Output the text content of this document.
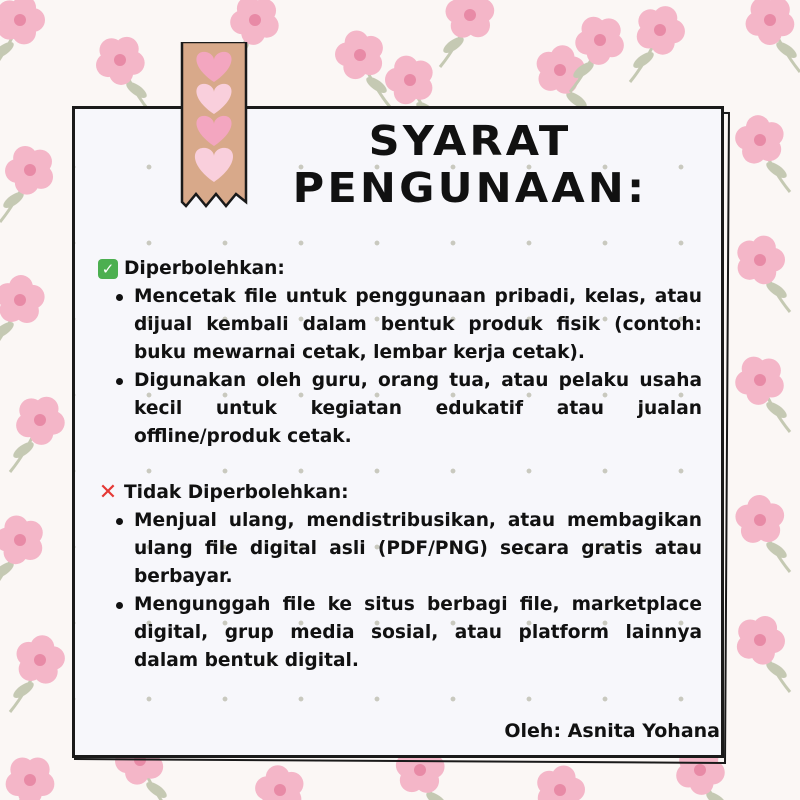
SYARAT
PENGUNAAN:
✓ Diperbolehkan:
Mencetak file untuk penggunaan pribadi, kelas, atau dijual kembali dalam bentuk produk fisik (contoh: buku mewarnai cetak, lembar kerja cetak).
Digunakan oleh guru, orang tua, atau pelaku usaha kecil untuk kegiatan edukatif atau jualan offline/produk cetak.
✕ Tidak Diperbolehkan:
Menjual ulang, mendistribusikan, atau membagikan ulang file digital asli (PDF/PNG) secara gratis atau berbayar.
Mengunggah file ke situs berbagi file, marketplace digital, grup media sosial, atau platform lainnya dalam bentuk digital.
Oleh: Asnita Yohana
